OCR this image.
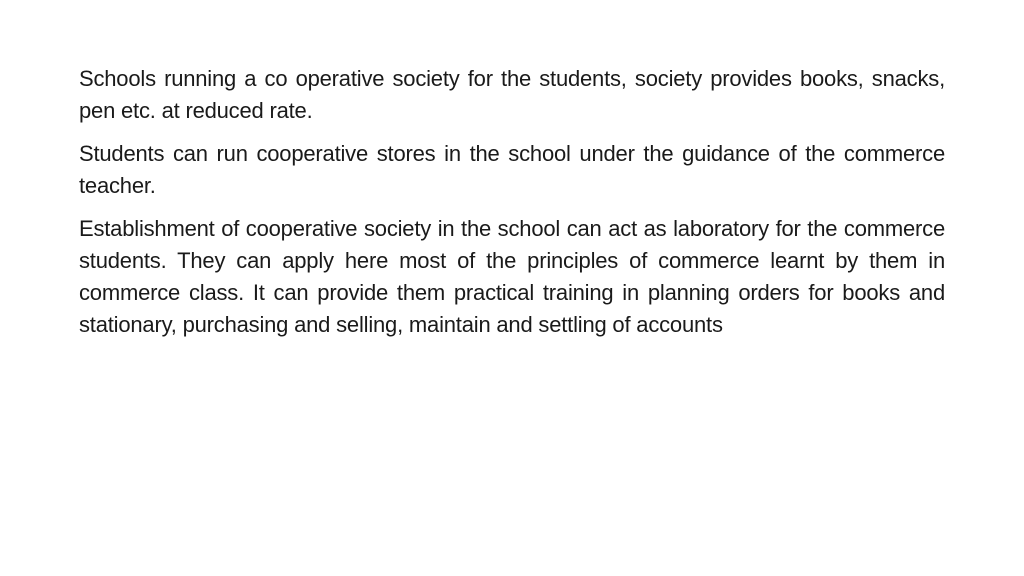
Schools running a co operative society for the students, society provides books, snacks, pen etc. at reduced rate.

Students can run cooperative stores in the school under the guidance of the commerce teacher.

Establishment of cooperative society in the school can act as laboratory for the commerce students. They can apply here most of the principles of commerce learnt by them in commerce class. It can provide them practical training in planning orders for books and stationary, purchasing and selling, maintain and settling of accounts
